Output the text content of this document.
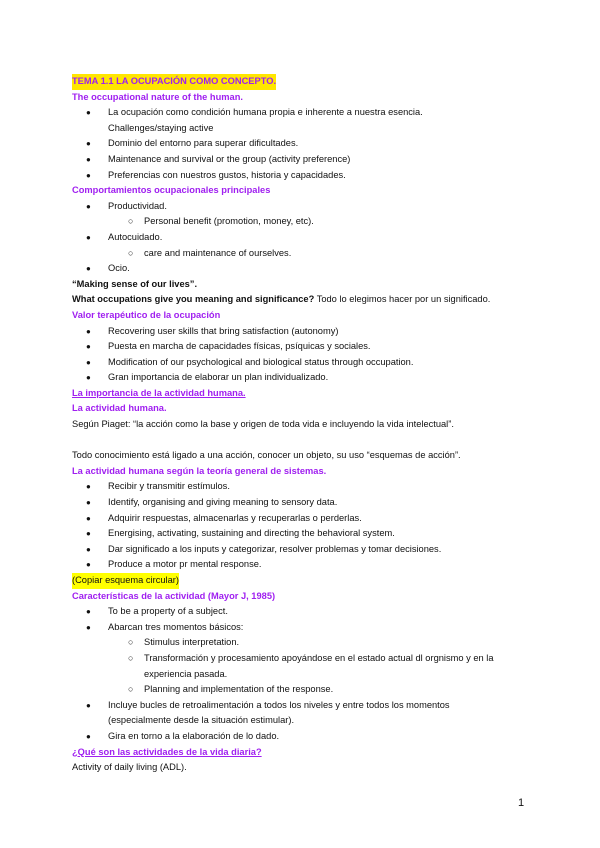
TEMA 1.1 LA OCUPACIÓN COMO CONCEPTO.
The occupational nature of the human.
● La ocupación como condición humana propia e inherente a nuestra esencia.
Challenges/staying active
● Dominio del entorno para superar dificultades.
● Maintenance and survival or the group (activity preference)
● Preferencias con nuestros gustos, historia y capacidades.
Comportamientos ocupacionales principales
● Productividad.
○ Personal benefit (promotion, money, etc).
● Autocuidado.
○ care and maintenance of ourselves.
● Ocio.
“Making sense of our lives”.
What occupations give you meaning and significance? Todo lo elegimos hacer por un significado.
Valor terapéutico de la ocupación
● Recovering user skills that bring satisfaction (autonomy)
● Puesta en marcha de capacidades físicas, psíquicas y sociales.
● Modification of our psychological and biological status through occupation.
● Gran importancia de elaborar un plan individualizado.
La importancia de la actividad humana.
La actividad humana.
Según Piaget: “la acción como la base y origen de toda vida e incluyendo la vida intelectual”.
Todo conocimiento está ligado a una acción, conocer un objeto, su uso “esquemas de acción”.
La actividad humana según la teoría general de sistemas.
● Recibir y transmitir estímulos.
● Identify, organising and giving meaning to sensory data.
● Adquirir respuestas, almacenarlas y recuperarlas o perderlas.
● Energising, activating, sustaining and directing the behavioral system.
● Dar significado a los inputs y categorizar, resolver problemas y tomar decisiones.
● Produce a motor pr mental response.
(Copiar esquema circular)
Características de la actividad (Mayor J, 1985)
● To be a property of a subject.
● Abarcan tres momentos básicos:
○ Stimulus interpretation.
○ Transformación y procesamiento apoyándose en el estado actual dl orgnismo y en la
experiencia pasada.
○ Planning and implementation of the response.
● Incluye bucles de retroalimentación a todos los niveles y entre todos los momentos
(especialmente desde la situación estimular).
● Gira en torno a la elaboración de lo dado.
¿Qué son las actividades de la vida diaria?
Activity of daily living (ADL).
1
